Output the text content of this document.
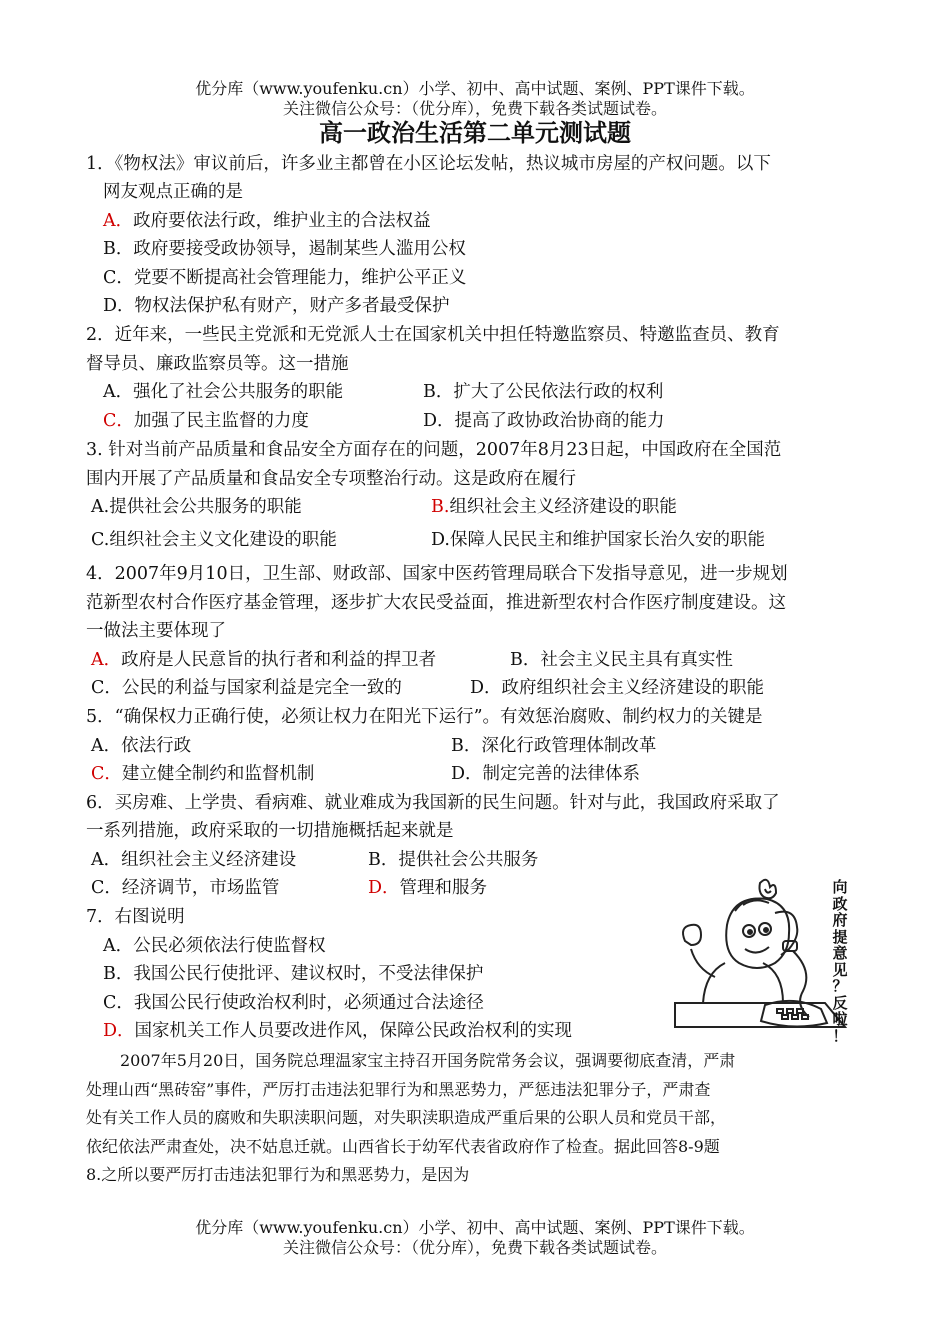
优分库（www.youfenku.cn）小学、初中、高中试题、案例、PPT课件下载。
关注微信公众号：（优分库），免费下载各类试题试卷。
高一政治生活第二单元测试题
1．《物权法》审议前后，许多业主都曾在小区论坛发帖，热议城市房屋的产权问题。以下
网友观点正确的是
A．政府要依法行政，维护业主的合法权益
B．政府要接受政协领导，遏制某些人滥用公权
C．党要不断提高社会管理能力，维护公平正义
D．物权法保护私有财产，财产多者最受保护
2．近年来，一些民主党派和无党派人士在国家机关中担任特邀监察员、特邀监查员、教育
督导员、廉政监察员等。这一措施
A．强化了社会公共服务的职能	B．扩大了公民依法行政的权利
C．加强了民主监督的力度	D．提高了政协政治协商的能力
3. 针对当前产品质量和食品安全方面存在的问题，2007年8月23日起，中国政府在全国范
围内开展了产品质量和食品安全专项整治行动。这是政府在履行
A.提供社会公共服务的职能	B.组织社会主义经济建设的职能
C.组织社会主义文化建设的职能	D.保障人民民主和维护国家长治久安的职能
4．2007年9月10日，卫生部、财政部、国家中医药管理局联合下发指导意见，进一步规划
范新型农村合作医疗基金管理，逐步扩大农民受益面，推进新型农村合作医疗制度建设。这
一做法主要体现了
A．政府是人民意旨的执行者和利益的捍卫者	B．社会主义民主具有真实性
C．公民的利益与国家利益是完全一致的	D．政府组织社会主义经济建设的职能
5．“确保权力正确行使，必须让权力在阳光下运行”。有效惩治腐败、制约权力的关键是
A．依法行政	B．深化行政管理体制改革
C．建立健全制约和监督机制	D．制定完善的法律体系
6．买房难、上学贵、看病难、就业难成为我国新的民生问题。针对与此，我国政府采取了
一系列措施，政府采取的一切措施概括起来就是
A．组织社会主义经济建设	B．提供社会公共服务
C．经济调节，市场监管	D．管理和服务
7．右图说明
A．公民必须依法行使监督权
B．我国公民行使批评、建议权时，不受法律保护
C．我国公民行使政治权利时，必须通过合法途径
D．国家机关工作人员要改进作风，保障公民政治权利的实现
向
政
府
提
意
见
？
反
啦
！
2007年5月20日，国务院总理温家宝主持召开国务院常务会议，强调要彻底查清，严肃
处理山西“黑砖窑”事件，严厉打击违法犯罪行为和黑恶势力，严惩违法犯罪分子，严肃查
处有关工作人员的腐败和失职渎职问题，对失职渎职造成严重后果的公职人员和党员干部，
依纪依法严肃查处，决不姑息迁就。山西省长于幼军代表省政府作了检查。据此回答8-9题
8.之所以要严厉打击违法犯罪行为和黑恶势力，是因为
优分库（www.youfenku.cn）小学、初中、高中试题、案例、PPT课件下载。
关注微信公众号：（优分库），免费下载各类试题试卷。
